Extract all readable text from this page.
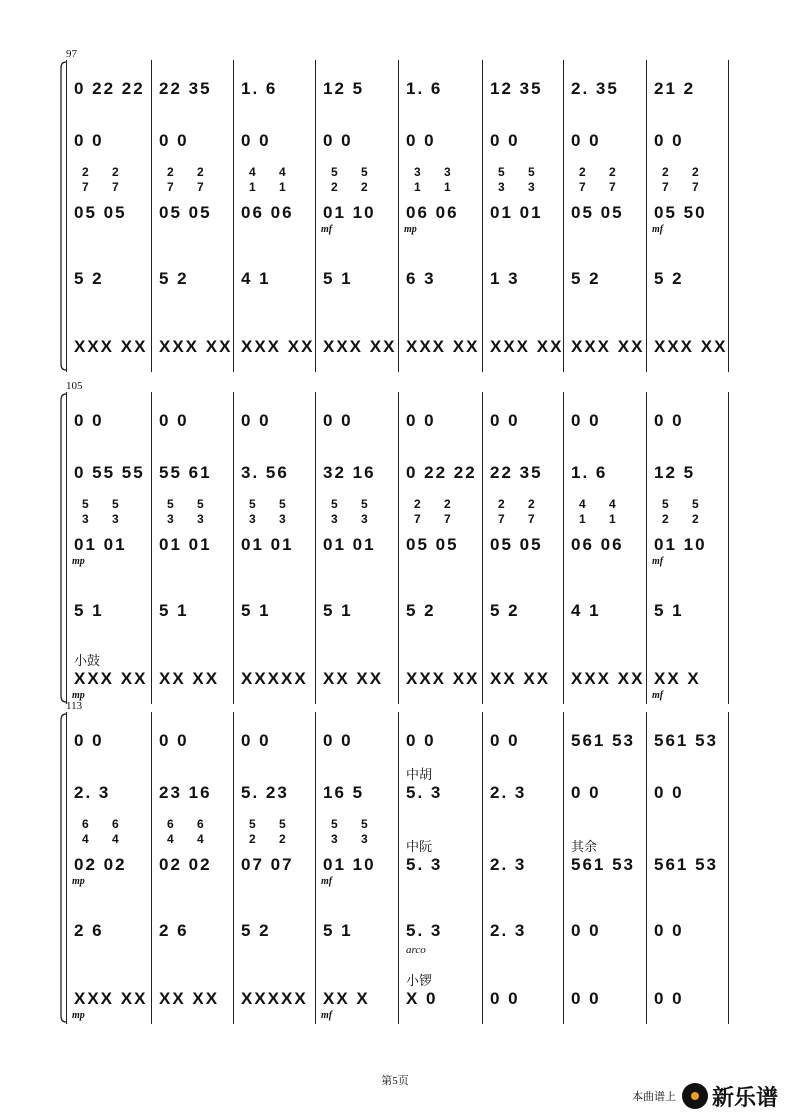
97
0 22 22
0 0
05 05
5 2
XXX XX
2 2
7 7
22 35
0 0
05 05
5 2
XXX XX
2 2
7 7
1. 6
0 0
06 06
4 1
XXX XX
4 4
1 1
12 5
0 0
01 10
5 1
XXX XX
5 5
2 2
1. 6
0 0
06 06
6 3
XXX XX
3 3
1 1
12 35
0 0
01 01
1 3
XXX XX
5 5
3 3
2. 35
0 0
05 05
5 2
XXX XX
2 2
7 7
21 2
0 0
05 50
5 2
XXX XX
2 2
7 7
mf	mp	mf
105
0 0
0 55 55
01 01
5 1
XXX XX
5 5
3 3
0 0
55 61
01 01
5 1
XX XX
5 5
3 3
0 0
3. 56
01 01
5 1
XXXXX
5 5
3 3
0 0
32 16
01 01
5 1
XX XX
5 5
3 3
0 0
0 22 22
05 05
5 2
XXX XX
2 2
7 7
0 0
22 35
05 05
5 2
XX XX
2 2
7 7
0 0
1. 6
06 06
4 1
XXX XX
4 4
1 1
0 0
12 5
01 10
5 1
XX X
5 5
2 2
mp
mp
mf
mf
小鼓
113
0 0
2. 3
02 02
2 6
XXX XX
6 6
4 4
0 0
23 16
02 02
2 6
XX XX
6 6
4 4
0 0
5. 23
07 07
5 2
XXXXX
5 5
2 2
0 0
16 5
01 10
5 1
XX X
5 5
3 3
0 0
5. 3
5. 3
5. 3
X 0
0 0
2. 3
2. 3
2. 3
0 0
561 53
0 0
561 53
0 0
0 0
561 53
0 0
561 53
0 0
0 0
mp
mp
mf
mf
中胡
中阮
小锣
其余
arco
第5页
本曲谱上 新乐谱
